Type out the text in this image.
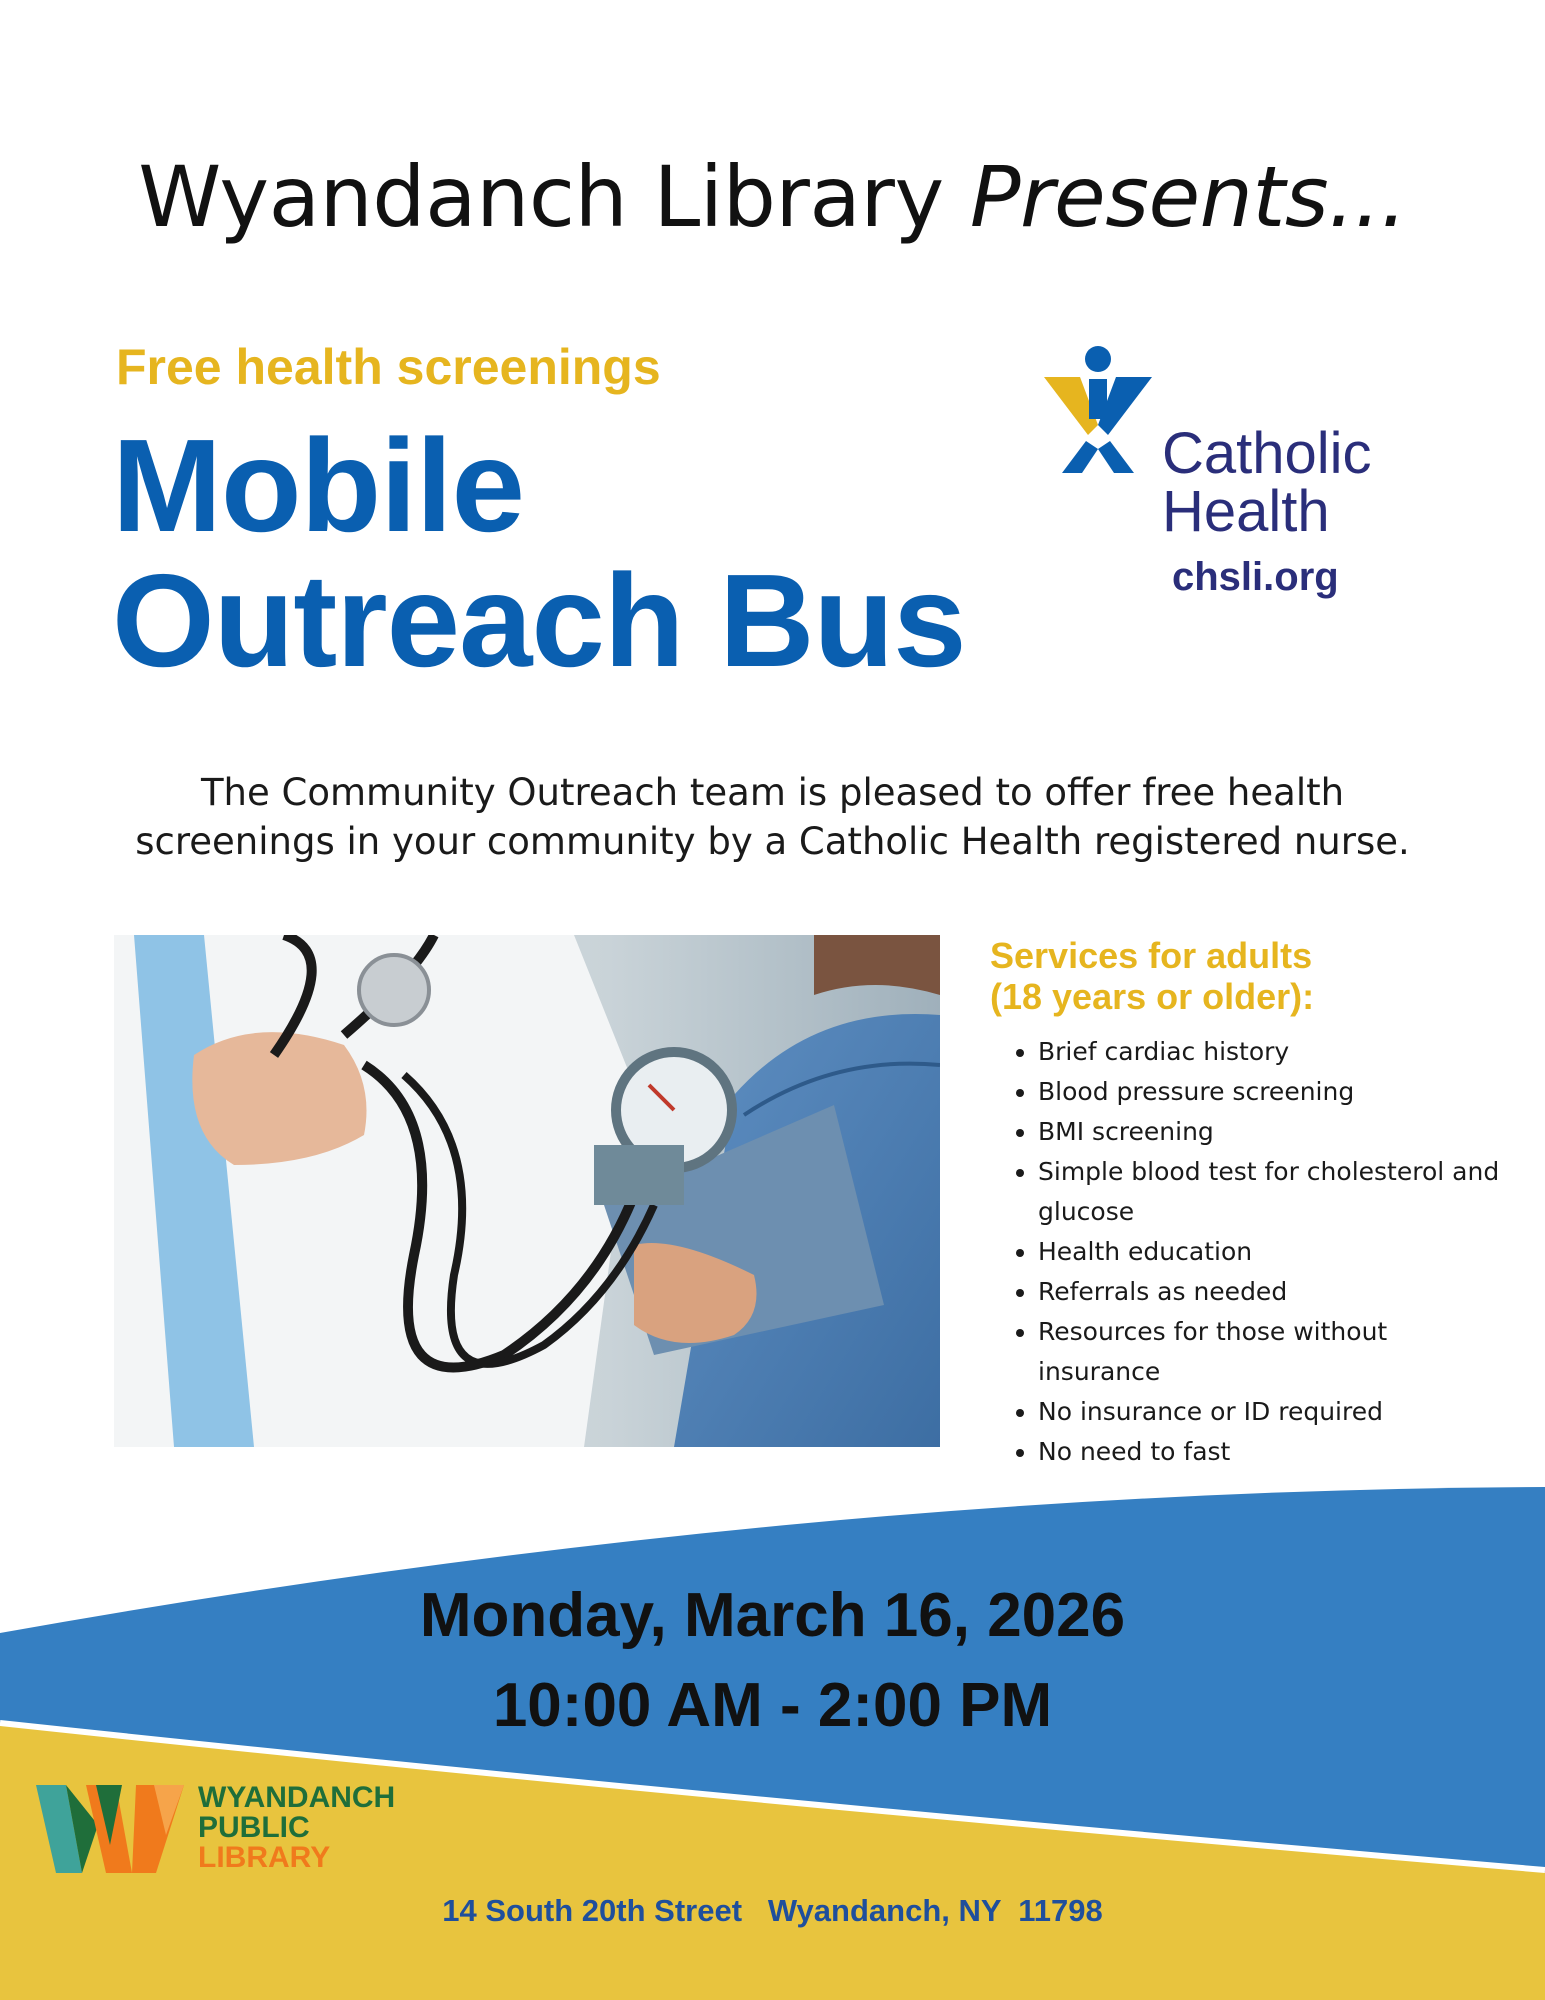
Wyandanch Library Presents...
Free health screenings
Mobile
Outreach Bus
Catholic
Health
chsli.org
The Community Outreach team is pleased to offer free health
screenings in your community by a Catholic Health registered nurse.
Services for adults
(18 years or older):
• Brief cardiac history
• Blood pressure screening
• BMI screening
• Simple blood test for cholesterol and glucose
• Health education
• Referrals as needed
• Resources for those without insurance
• No insurance or ID required
• No need to fast
Monday, March 16, 2026
10:00 AM - 2:00 PM
WYANDANCH
PUBLIC
LIBRARY
14 South 20th Street   Wyandanch, NY  11798
